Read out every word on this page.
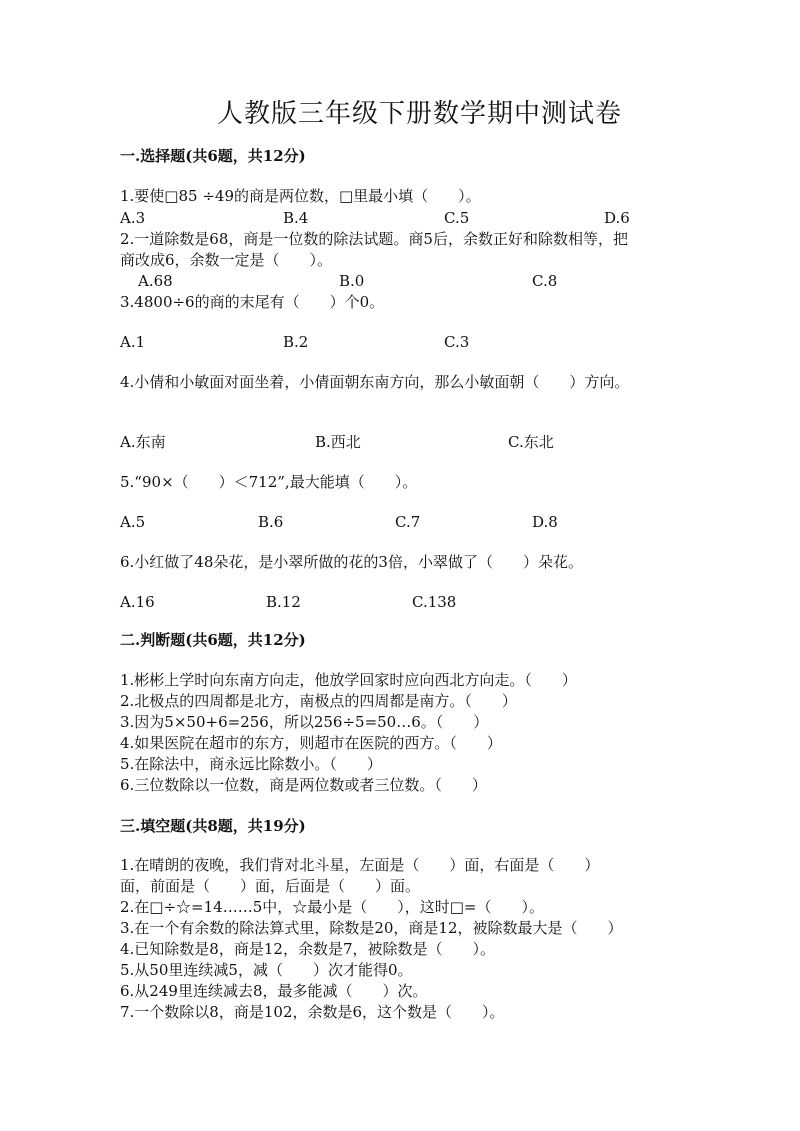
人教版三年级下册数学期中测试卷
一.选择题(共6题，共12分)
1.要使□85 ÷49的商是两位数，□里最小填（　　）。
A.3	B.4	C.5	D.6
2.一道除数是68，商是一位数的除法试题。商5后，余数正好和除数相等，把
商改成6，余数一定是（　　）。
A.68	B.0	C.8
3.4800÷6的商的末尾有（　　）个0。
A.1	B.2	C.3
4.小倩和小敏面对面坐着，小倩面朝东南方向，那么小敏面朝（　　）方向。
A.东南	B.西北	C.东北
5.“90×（　　）＜712”,最大能填（　　）。
A.5	B.6	C.7	D.8
6.小红做了48朵花，是小翠所做的花的3倍，小翠做了（　　）朵花。
A.16	B.12	C.138
二.判断题(共6题，共12分)
1.彬彬上学时向东南方向走，他放学回家时应向西北方向走。（　　）
2.北极点的四周都是北方，南极点的四周都是南方。（　　）
3.因为5×50+6=256，所以256÷5=50…6。（　　）
4.如果医院在超市的东方，则超市在医院的西方。（　　）
5.在除法中，商永远比除数小。（　　）
6.三位数除以一位数，商是两位数或者三位数。（　　）
三.填空题(共8题，共19分)
1.在晴朗的夜晚，我们背对北斗星，左面是（　　）面，右面是（　　）
面，前面是（　　）面，后面是（　　）面。
2.在□÷☆=14……5中，☆最小是（　　），这时□=（　　）。
3.在一个有余数的除法算式里，除数是20，商是12，被除数最大是（　　）
4.已知除数是8，商是12，余数是7，被除数是（　　）。
5.从50里连续减5，减（　　）次才能得0。
6.从249里连续减去8，最多能减（　　）次。
7.一个数除以8，商是102，余数是6，这个数是（　　）。
